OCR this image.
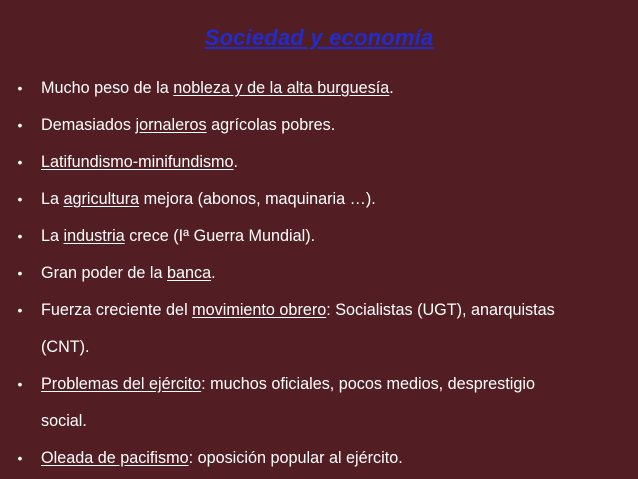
Sociedad y economía
• Mucho peso de la nobleza y de la alta burguesía.
• Demasiados jornaleros agrícolas pobres.
• Latifundismo-minifundismo.
• La agricultura mejora (abonos, maquinaria …).
• La industria crece (Iª Guerra Mundial).
• Gran poder de la banca.
• Fuerza creciente del movimiento obrero: Socialistas (UGT), anarquistas
(CNT).
• Problemas del ejército: muchos oficiales, pocos medios, desprestigio
social.
• Oleada de pacifismo: oposición popular al ejército.
